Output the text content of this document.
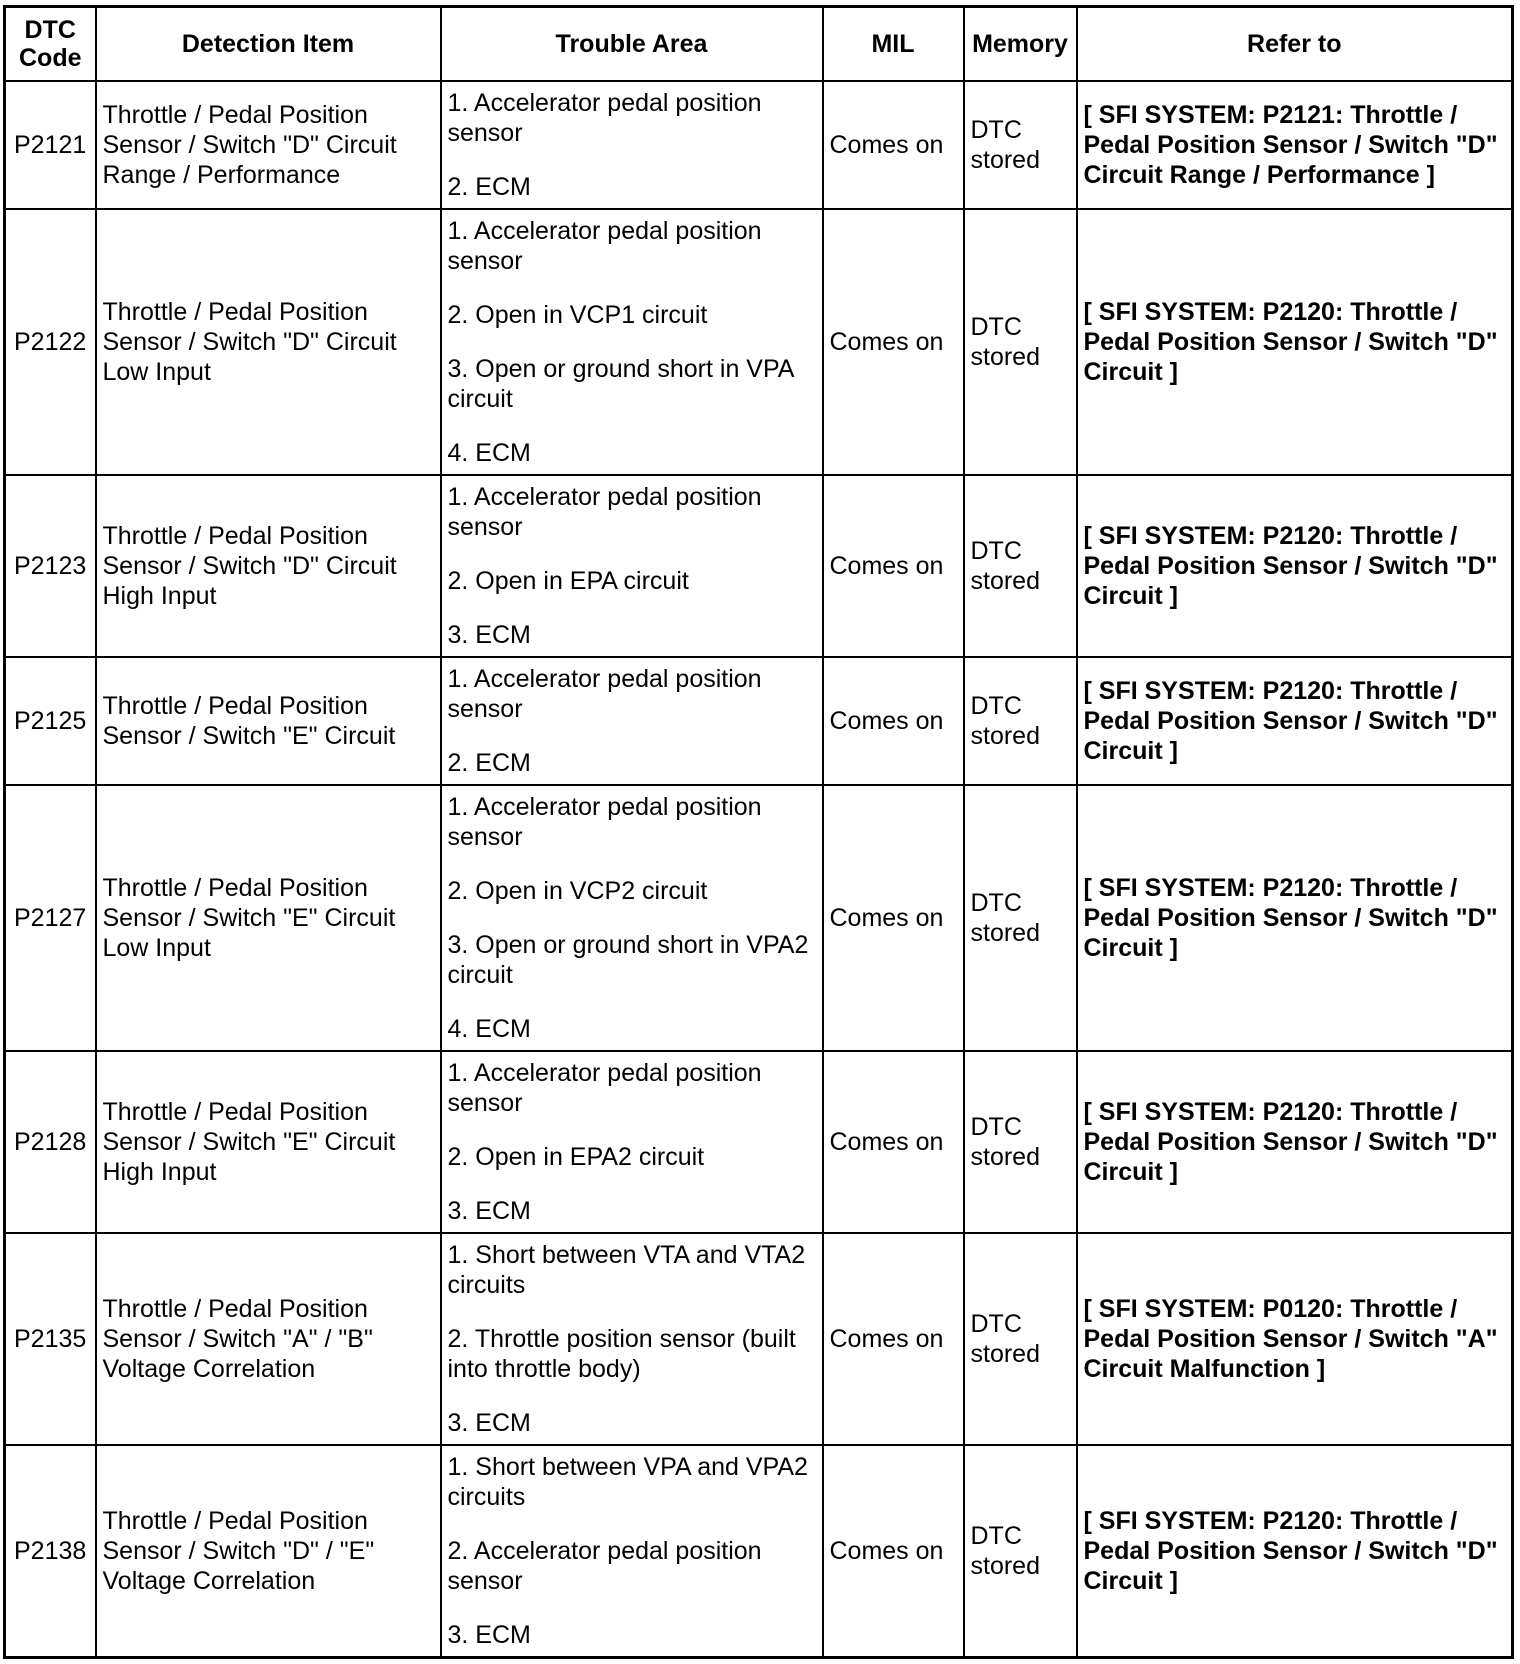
DTC Code	Detection Item	Trouble Area	MIL	Memory	Refer to
P2121	Throttle / Pedal Position Sensor / Switch "D" Circuit Range / Performance	1. Accelerator pedal position sensor
2. ECM	Comes on	DTC stored	[ SFI SYSTEM: P2121: Throttle / Pedal Position Sensor / Switch "D" Circuit Range / Performance ]
P2122	Throttle / Pedal Position Sensor / Switch "D" Circuit Low Input	1. Accelerator pedal position sensor
2. Open in VCP1 circuit
3. Open or ground short in VPA circuit
4. ECM	Comes on	DTC stored	[ SFI SYSTEM: P2120: Throttle / Pedal Position Sensor / Switch "D" Circuit ]
P2123	Throttle / Pedal Position Sensor / Switch "D" Circuit High Input	1. Accelerator pedal position sensor
2. Open in EPA circuit
3. ECM	Comes on	DTC stored	[ SFI SYSTEM: P2120: Throttle / Pedal Position Sensor / Switch "D" Circuit ]
P2125	Throttle / Pedal Position Sensor / Switch "E" Circuit	1. Accelerator pedal position sensor
2. ECM	Comes on	DTC stored	[ SFI SYSTEM: P2120: Throttle / Pedal Position Sensor / Switch "D" Circuit ]
P2127	Throttle / Pedal Position Sensor / Switch "E" Circuit Low Input	1. Accelerator pedal position sensor
2. Open in VCP2 circuit
3. Open or ground short in VPA2 circuit
4. ECM	Comes on	DTC stored	[ SFI SYSTEM: P2120: Throttle / Pedal Position Sensor / Switch "D" Circuit ]
P2128	Throttle / Pedal Position Sensor / Switch "E" Circuit High Input	1. Accelerator pedal position sensor
2. Open in EPA2 circuit
3. ECM	Comes on	DTC stored	[ SFI SYSTEM: P2120: Throttle / Pedal Position Sensor / Switch "D" Circuit ]
P2135	Throttle / Pedal Position Sensor / Switch "A" / "B" Voltage Correlation	1. Short between VTA and VTA2 circuits
2. Throttle position sensor (built into throttle body)
3. ECM	Comes on	DTC stored	[ SFI SYSTEM: P0120: Throttle / Pedal Position Sensor / Switch "A" Circuit Malfunction ]
P2138	Throttle / Pedal Position Sensor / Switch "D" / "E" Voltage Correlation	1. Short between VPA and VPA2 circuits
2. Accelerator pedal position sensor
3. ECM	Comes on	DTC stored	[ SFI SYSTEM: P2120: Throttle / Pedal Position Sensor / Switch "D" Circuit ]
